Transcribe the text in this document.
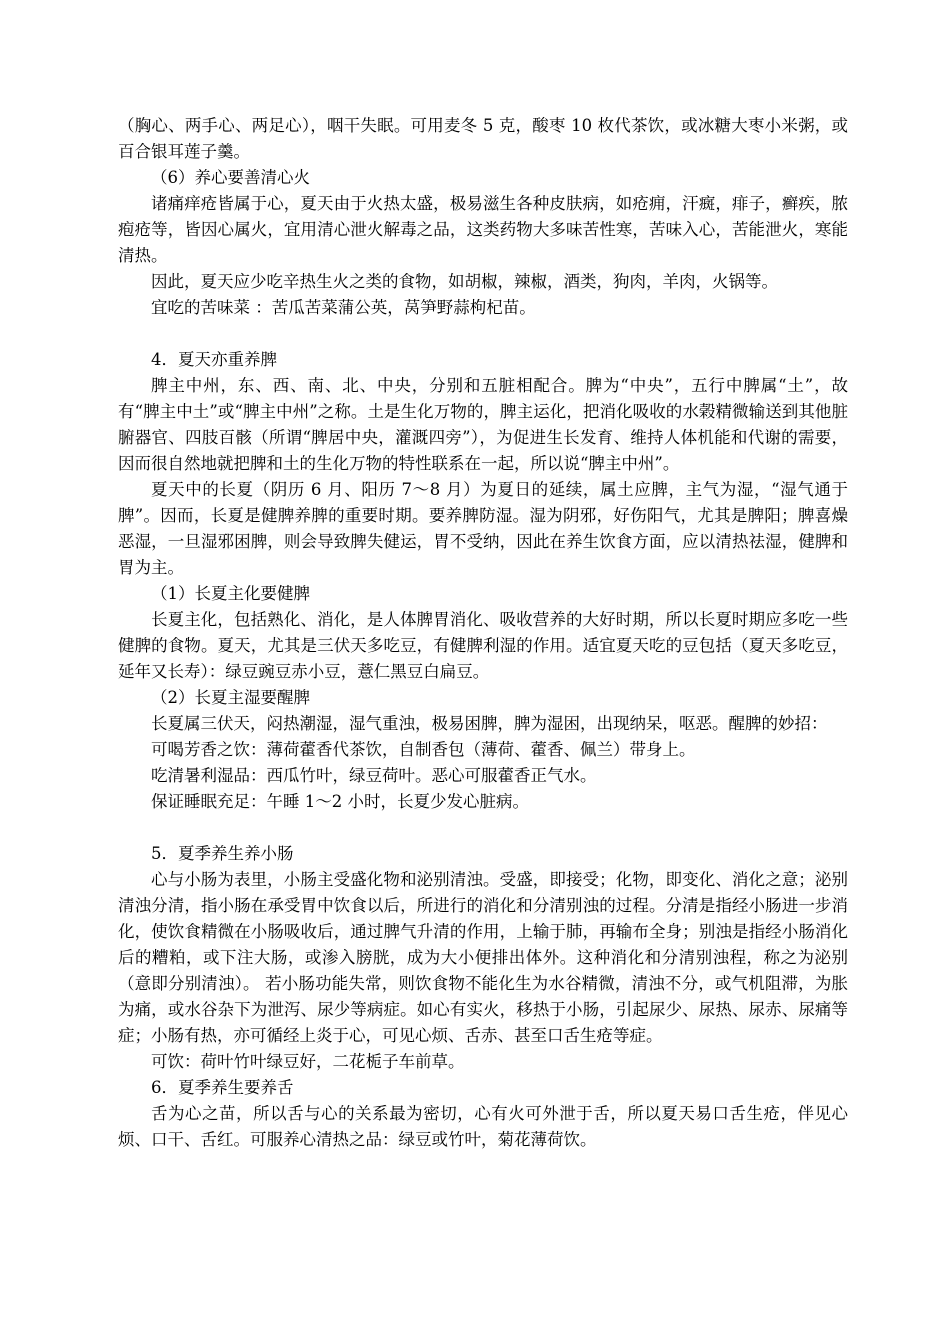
（胸心、两手心、两足心），咽干失眠。可用麦冬 5 克，酸枣 10 枚代茶饮，或冰糖大枣小米粥，或百合银耳莲子羹。

（6）养心要善清心火

诸痛痒疮皆属于心，夏天由于火热太盛，极易滋生各种皮肤病，如疮痈，汗癍，痱子，癣疾，脓疱疮等，皆因心属火，宜用清心泄火解毒之品，这类药物大多味苦性寒，苦味入心，苦能泄火，寒能清热。

因此，夏天应少吃辛热生火之类的食物，如胡椒，辣椒，酒类，狗肉，羊肉，火锅等。

宜吃的苦味菜 ：苦瓜苦菜蒲公英，莴笋野蒜枸杞苗。

4．夏天亦重养脾

脾主中州，东、西、南、北、中央，分别和五脏相配合。脾为“中央”，五行中脾属“土”，故有“脾主中土”或“脾主中州”之称。土是生化万物的，脾主运化，把消化吸收的水榖精微输送到其他脏腑器官、四肢百骸（所谓“脾居中央，灌溉四旁”），为促进生长发育、维持人体机能和代谢的需要，因而很自然地就把脾和土的生化万物的特性联系在一起，所以说“脾主中州”。

夏天中的长夏（阴历 6 月、阳历 7～8 月）为夏日的延续，属土应脾，主气为湿，“湿气通于脾”。因而，长夏是健脾养脾的重要时期。要养脾防湿。湿为阴邪，好伤阳气，尤其是脾阳；脾喜燥恶湿，一旦湿邪困脾，则会导致脾失健运，胃不受纳，因此在养生饮食方面，应以清热祛湿，健脾和胃为主。

（1）长夏主化要健脾

长夏主化，包括熟化、消化，是人体脾胃消化、吸收营养的大好时期，所以长夏时期应多吃一些健脾的食物。夏天，尤其是三伏天多吃豆，有健脾利湿的作用。适宜夏天吃的豆包括（夏天多吃豆，延年又长寿）：绿豆豌豆赤小豆，薏仁黑豆白扁豆。

（2）长夏主湿要醒脾

长夏属三伏天，闷热潮湿，湿气重浊，极易困脾，脾为湿困，出现纳呆，呕恶。醒脾的妙招：

可喝芳香之饮：薄荷藿香代茶饮，自制香包（薄荷、藿香、佩兰）带身上。

吃清暑利湿品：西瓜竹叶，绿豆荷叶。恶心可服藿香正气水。

保证睡眠充足：午睡 1～2 小时，长夏少发心脏病。

5．夏季养生养小肠

心与小肠为表里，小肠主受盛化物和泌别清浊。受盛，即接受；化物，即变化、消化之意；泌别清浊分清，指小肠在承受胃中饮食以后，所进行的消化和分清别浊的过程。分清是指经小肠进一步消化，使饮食精微在小肠吸收后，通过脾气升清的作用，上输于肺，再输布全身；别浊是指经小肠消化后的糟粕，或下注大肠，或渗入膀胱，成为大小便排出体外。这种消化和分清别浊程，称之为泌别（意即分别清浊）。 若小肠功能失常，则饮食物不能化生为水谷精微，清浊不分，或气机阻滞，为胀为痛，或水谷杂下为泄泻、尿少等病症。如心有实火，移热于小肠，引起尿少、尿热、尿赤、尿痛等症；小肠有热，亦可循经上炎于心，可见心烦、舌赤、甚至口舌生疮等症。

可饮：荷叶竹叶绿豆好，二花栀子车前草。

6．夏季养生要养舌

舌为心之苗，所以舌与心的关系最为密切，心有火可外泄于舌，所以夏天易口舌生疮，伴见心烦、口干、舌红。可服养心清热之品：绿豆或竹叶，菊花薄荷饮。
